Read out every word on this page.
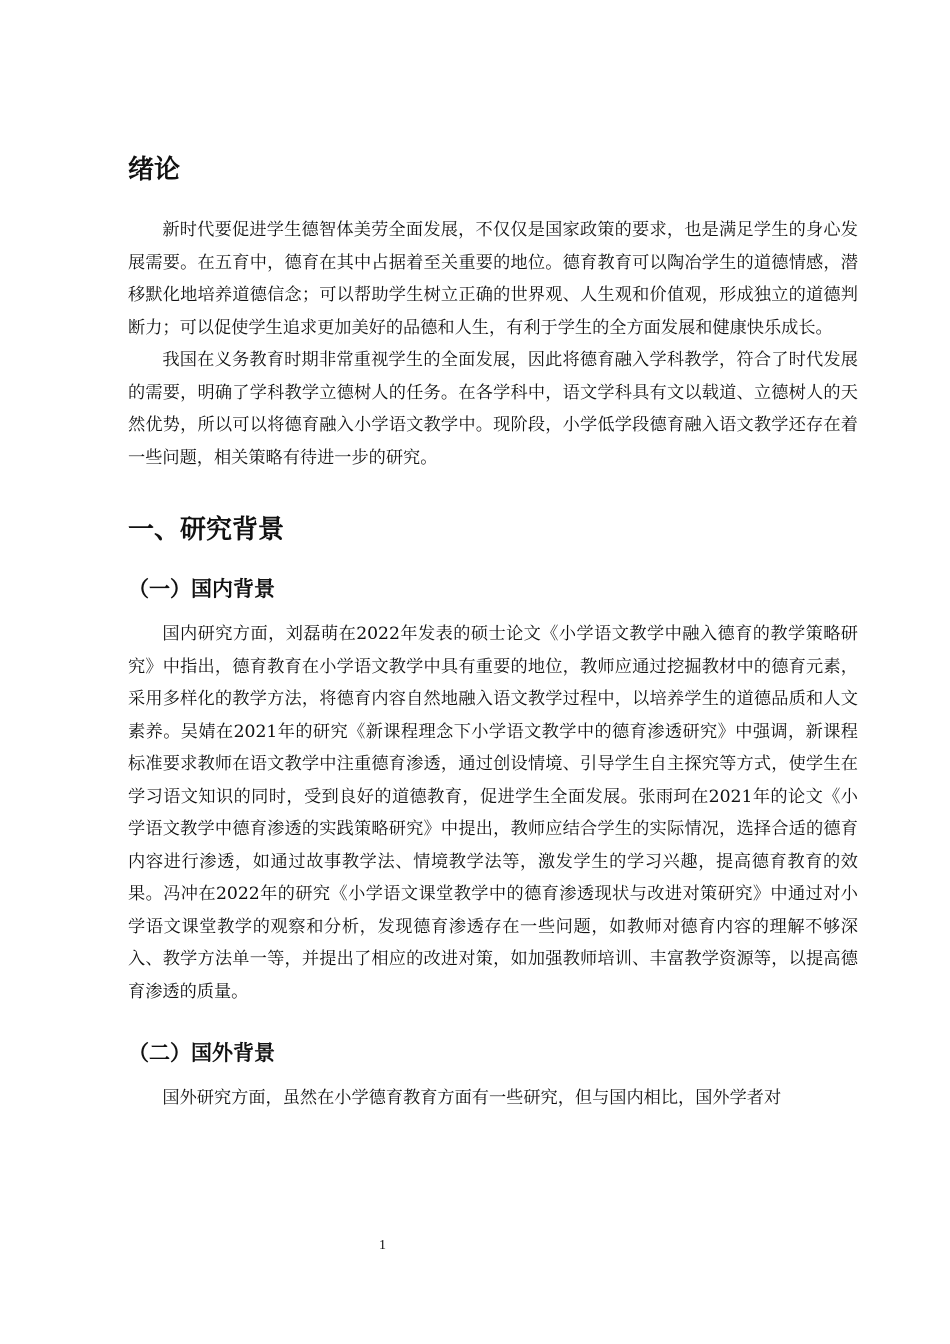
绪论

新时代要促进学生德智体美劳全面发展，不仅仅是国家政策的要求，也是满足学生的身心发展需要。在五育中，德育在其中占据着至关重要的地位。德育教育可以陶冶学生的道德情感，潜移默化地培养道德信念；可以帮助学生树立正确的世界观、人生观和价值观，形成独立的道德判断力；可以促使学生追求更加美好的品德和人生，有利于学生的全方面发展和健康快乐成长。

我国在义务教育时期非常重视学生的全面发展，因此将德育融入学科教学，符合了时代发展的需要，明确了学科教学立德树人的任务。在各学科中，语文学科具有文以载道、立德树人的天然优势，所以可以将德育融入小学语文教学中。现阶段，小学低学段德育融入语文教学还存在着一些问题，相关策略有待进一步的研究。

一、研究背景
（一）国内背景

国内研究方面，刘磊萌在2022年发表的硕士论文《小学语文教学中融入德育的教学策略研究》中指出，德育教育在小学语文教学中具有重要的地位，教师应通过挖掘教材中的德育元素，采用多样化的教学方法，将德育内容自然地融入语文教学过程中，以培养学生的道德品质和人文素养。吴婧在2021年的研究《新课程理念下小学语文教学中的德育渗透研究》中强调，新课程标准要求教师在语文教学中注重德育渗透，通过创设情境、引导学生自主探究等方式，使学生在学习语文知识的同时，受到良好的道德教育，促进学生全面发展。张雨珂在2021年的论文《小学语文教学中德育渗透的实践策略研究》中提出，教师应结合学生的实际情况，选择合适的德育内容进行渗透，如通过故事教学法、情境教学法等，激发学生的学习兴趣，提高德育教育的效果。冯冲在2022年的研究《小学语文课堂教学中的德育渗透现状与改进对策研究》中通过对小学语文课堂教学的观察和分析，发现德育渗透存在一些问题，如教师对德育内容的理解不够深入、教学方法单一等，并提出了相应的改进对策，如加强教师培训、丰富教学资源等，以提高德育渗透的质量。

（二）国外背景

国外研究方面，虽然在小学德育教育方面有一些研究，但与国内相比，国外学者对

1
